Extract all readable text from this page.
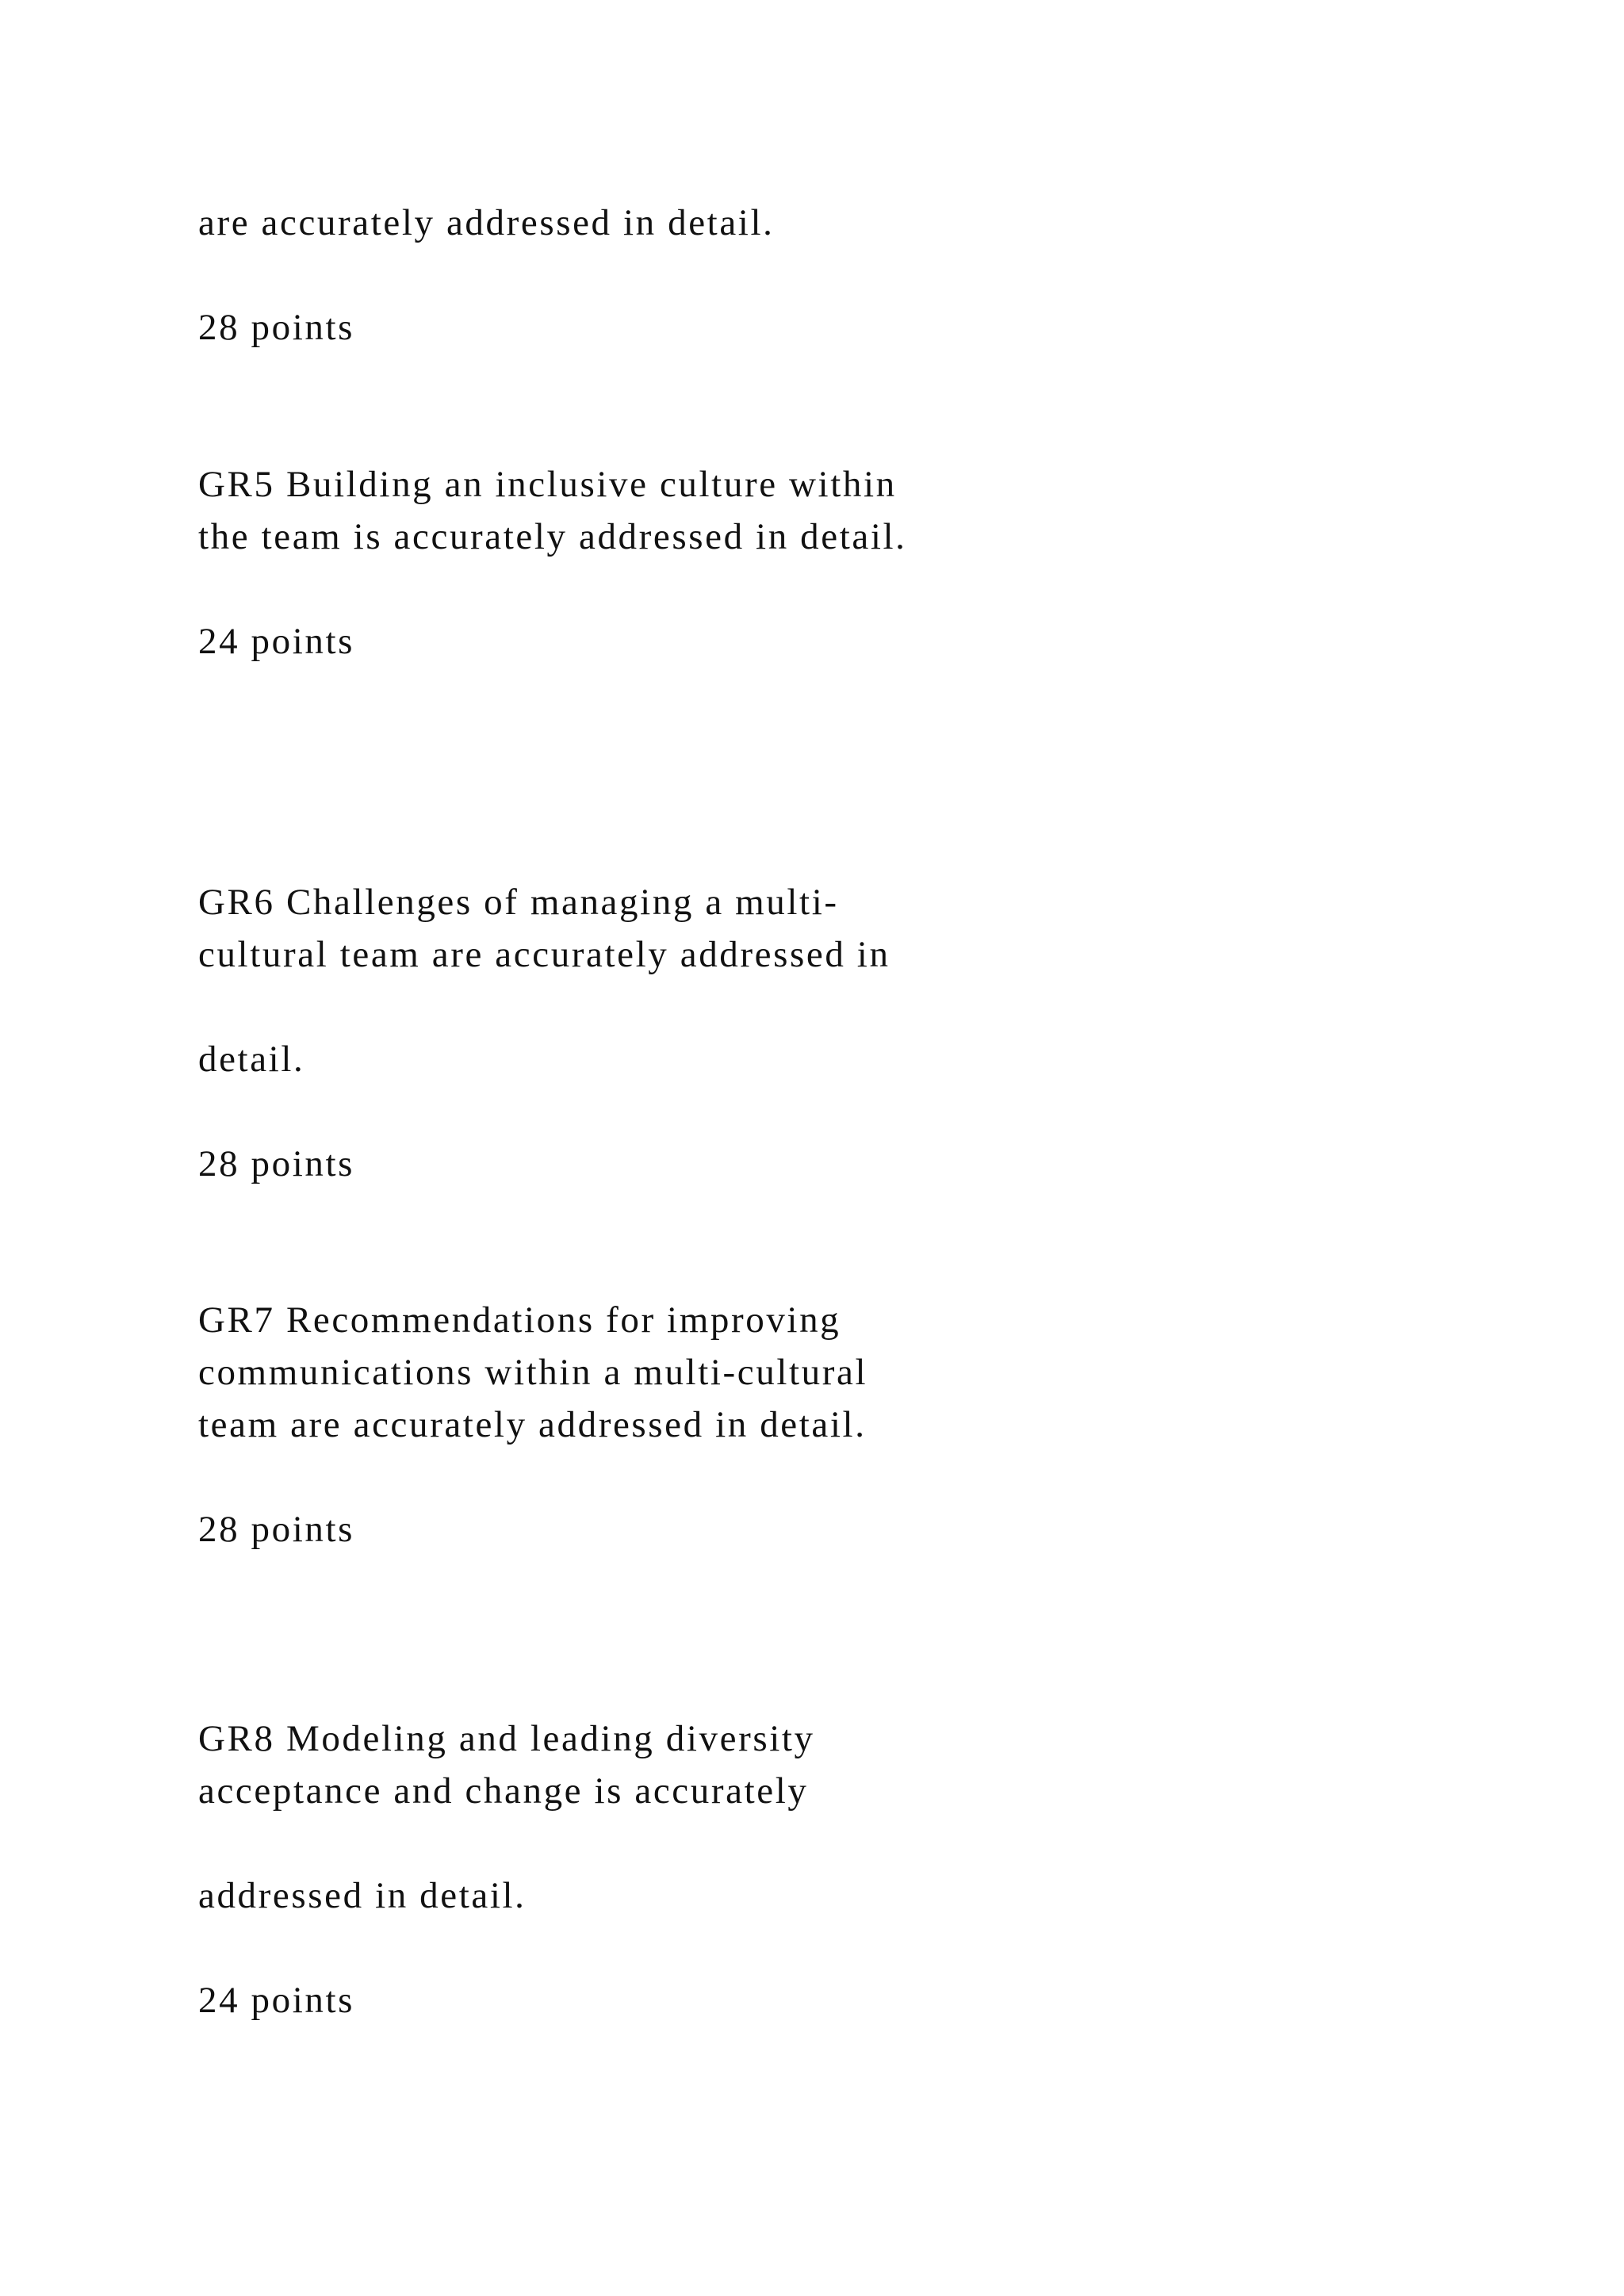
are accurately addressed in detail.

28 points

GR5 Building an inclusive culture within

the team is accurately addressed in detail.

24 points

GR6 Challenges of managing a multi-

cultural team are accurately addressed in

detail.

28 points

GR7 Recommendations for improving

communications within a multi-cultural

team are accurately addressed in detail.

28 points

GR8 Modeling and leading diversity

acceptance and change is accurately

addressed in detail.

24 points
